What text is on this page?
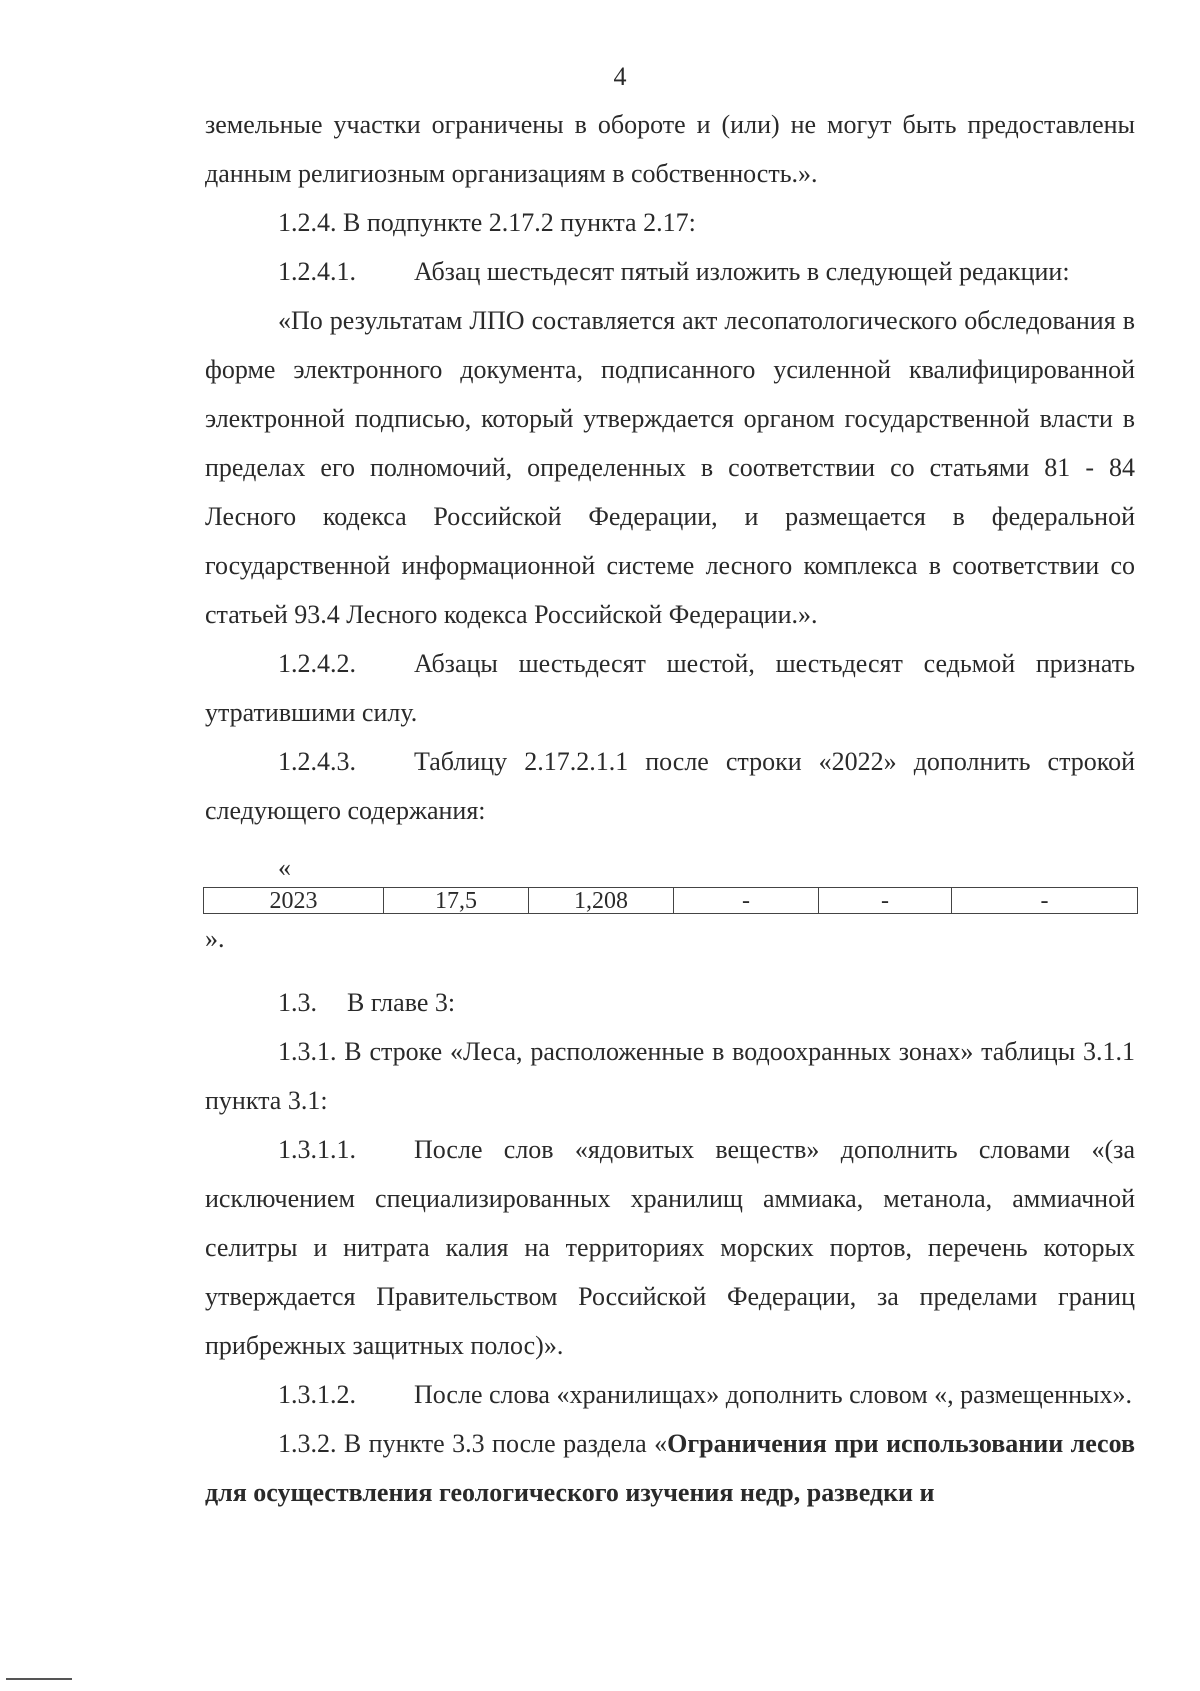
4

земельные участки ограничены в обороте и (или) не могут быть предоставлены данным религиозным организациям в собственность.».

1.2.4. В подпункте 2.17.2 пункта 2.17:

1.2.4.1. Абзац шестьдесят пятый изложить в следующей редакции:

«По результатам ЛПО составляется акт лесопатологического обследования в форме электронного документа, подписанного усиленной квалифицированной электронной подписью, который утверждается органом государственной власти в пределах его полномочий, определенных в соответствии со статьями 81 - 84 Лесного кодекса Российской Федерации, и размещается в федеральной государственной информационной системе лесного комплекса в соответствии со статьей 93.4 Лесного кодекса Российской Федерации.».

1.2.4.2. Абзацы шестьдесят шестой, шестьдесят седьмой признать утратившими силу.

1.2.4.3. Таблицу 2.17.2.1.1 после строки «2022» дополнить строкой следующего содержания:

«

2023	17,5	1,208	-	-	-

».

1.3. В главе 3:

1.3.1. В строке «Леса, расположенные в водоохранных зонах» таблицы 3.1.1 пункта 3.1:

1.3.1.1. После слов «ядовитых веществ» дополнить словами «(за исключением специализированных хранилищ аммиака, метанола, аммиачной селитры и нитрата калия на территориях морских портов, перечень которых утверждается Правительством Российской Федерации, за пределами границ прибрежных защитных полос)».

1.3.1.2. После слова «хранилищах» дополнить словом «, размещенных».

1.3.2. В пункте 3.3 после раздела «Ограничения при использовании лесов для осуществления геологического изучения недр, разведки и
